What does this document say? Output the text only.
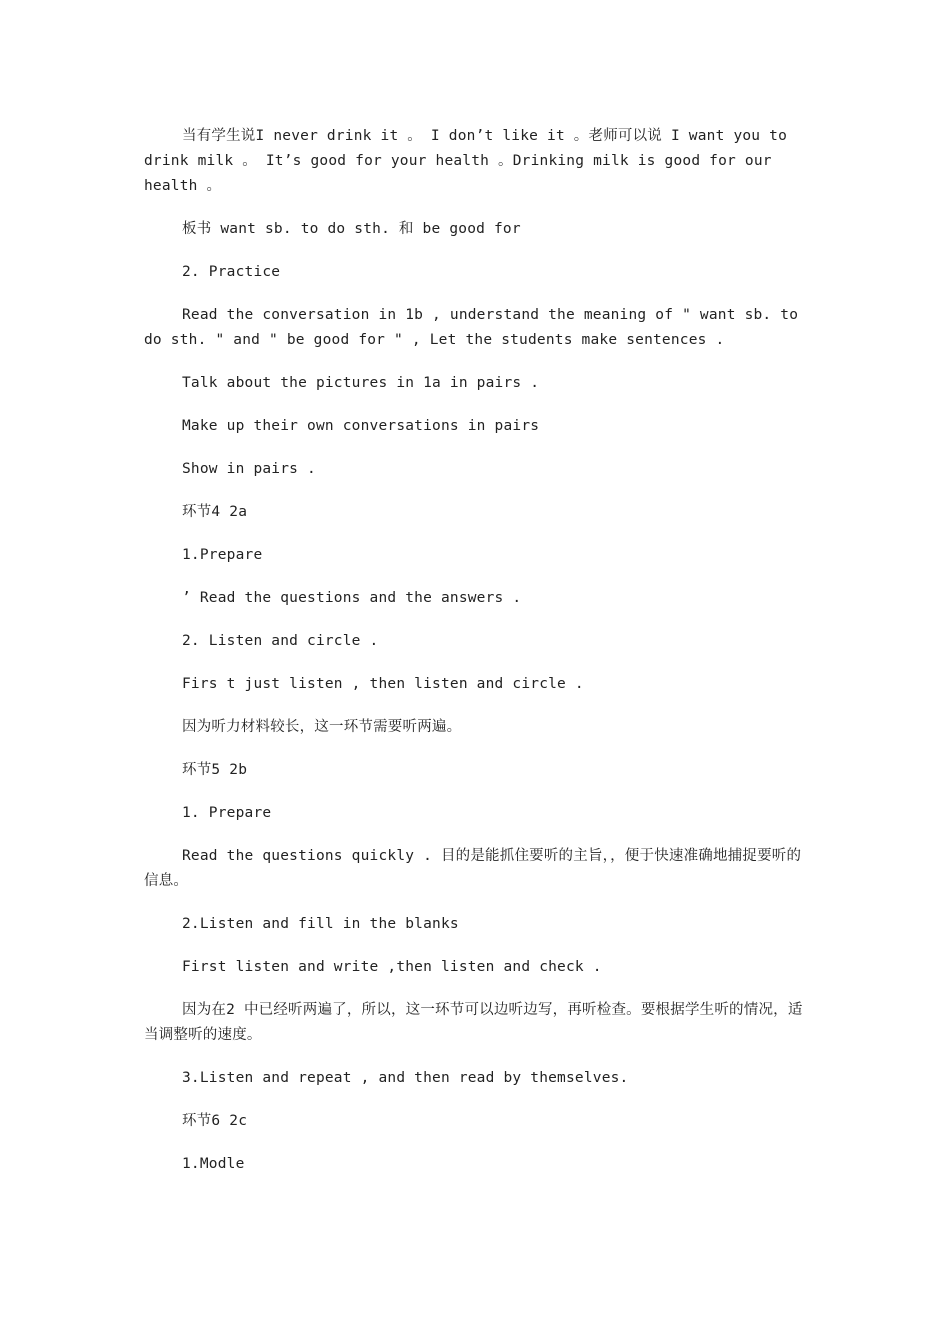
当有学生说I never drink it 。 I don’t like it 。老师可以说 I want you to drink milk 。 It’s good for your health 。Drinking milk is good for our health 。

板书 want sb. to do sth. 和 be good for

2. Practice

Read the conversation in 1b , understand the meaning of " want sb. to do sth. " and " be good for " , Let the students make sentences .

Talk about the pictures in 1a in pairs .

Make up their own conversations in pairs

Show in pairs .

环节4 2a

1.Prepare

’ Read the questions and the answers .

2. Listen and circle .

Firs t just listen , then listen and circle .

因为听力材料较长，这一环节需要听两遍。

环节5 2b

1. Prepare

Read the questions quickly . 目的是能抓住要听的主旨，，便于快速准确地捕捉要听的信息。

2.Listen and fill in the blanks

First listen and write ,then listen and check .

因为在2 中已经听两遍了，所以，这一环节可以边听边写，再听检查。要根据学生听的情况，适当调整听的速度。

3.Listen and repeat , and then read by themselves.

环节6 2c

1.Modle
